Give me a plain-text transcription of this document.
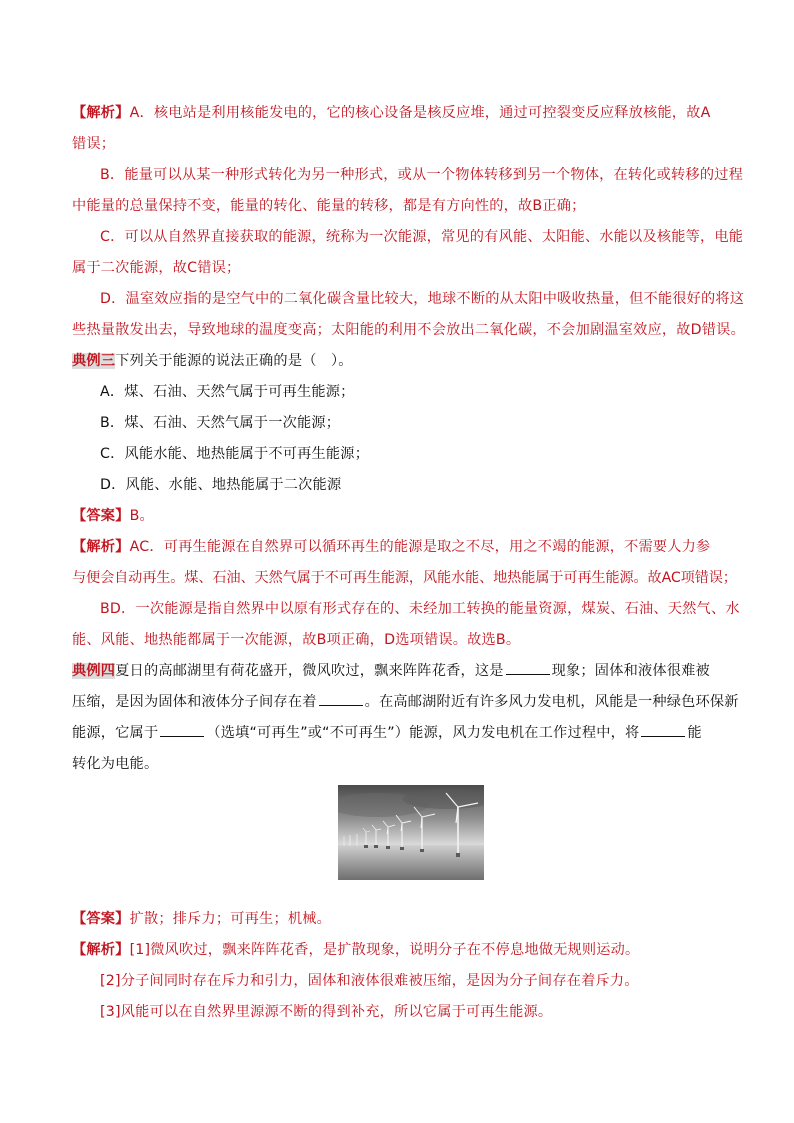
【解析】A．核电站是利用核能发电的，它的核心设备是核反应堆，通过可控裂变反应释放核能，故A
错误；
B．能量可以从某一种形式转化为另一种形式，或从一个物体转移到另一个物体，在转化或转移的过程
中能量的总量保持不变，能量的转化、能量的转移，都是有方向性的，故B正确；
C．可以从自然界直接获取的能源，统称为一次能源，常见的有风能、太阳能、水能以及核能等，电能
属于二次能源，故C错误；
D．温室效应指的是空气中的二氧化碳含量比较大，地球不断的从太阳中吸收热量，但不能很好的将这
些热量散发出去，导致地球的温度变高；太阳能的利用不会放出二氧化碳，不会加剧温室效应，故D错误。
典例三下列关于能源的说法正确的是（　）。
A．煤、石油、天然气属于可再生能源；
B．煤、石油、天然气属于一次能源；
C．风能水能、地热能属于不可再生能源；
D．风能、水能、地热能属于二次能源
【答案】B。
【解析】AC．可再生能源在自然界可以循环再生的能源是取之不尽，用之不竭的能源，不需要人力参
与便会自动再生。煤、石油、天然气属于不可再生能源，风能水能、地热能属于可再生能源。故AC项错误；
BD．一次能源是指自然界中以原有形式存在的、未经加工转换的能量资源，煤炭、石油、天然气、水
能、风能、地热能都属于一次能源，故B项正确，D选项错误。故选B。
典例四夏日的高邮湖里有荷花盛开，微风吹过，飘来阵阵花香，这是	现象；固体和液体很难被
压缩，是因为固体和液体分子间存在着	。在高邮湖附近有许多风力发电机，风能是一种绿色环保新
能源，它属于	（选填“可再生”或“不可再生”）能源，风力发电机在工作过程中，将	能
转化为电能。
【答案】扩散；排斥力；可再生；机械。
【解析】[1]微风吹过，飘来阵阵花香，是扩散现象，说明分子在不停息地做无规则运动。
[2]分子间同时存在斥力和引力，固体和液体很难被压缩，是因为分子间存在着斥力。
[3]风能可以在自然界里源源不断的得到补充，所以它属于可再生能源。
